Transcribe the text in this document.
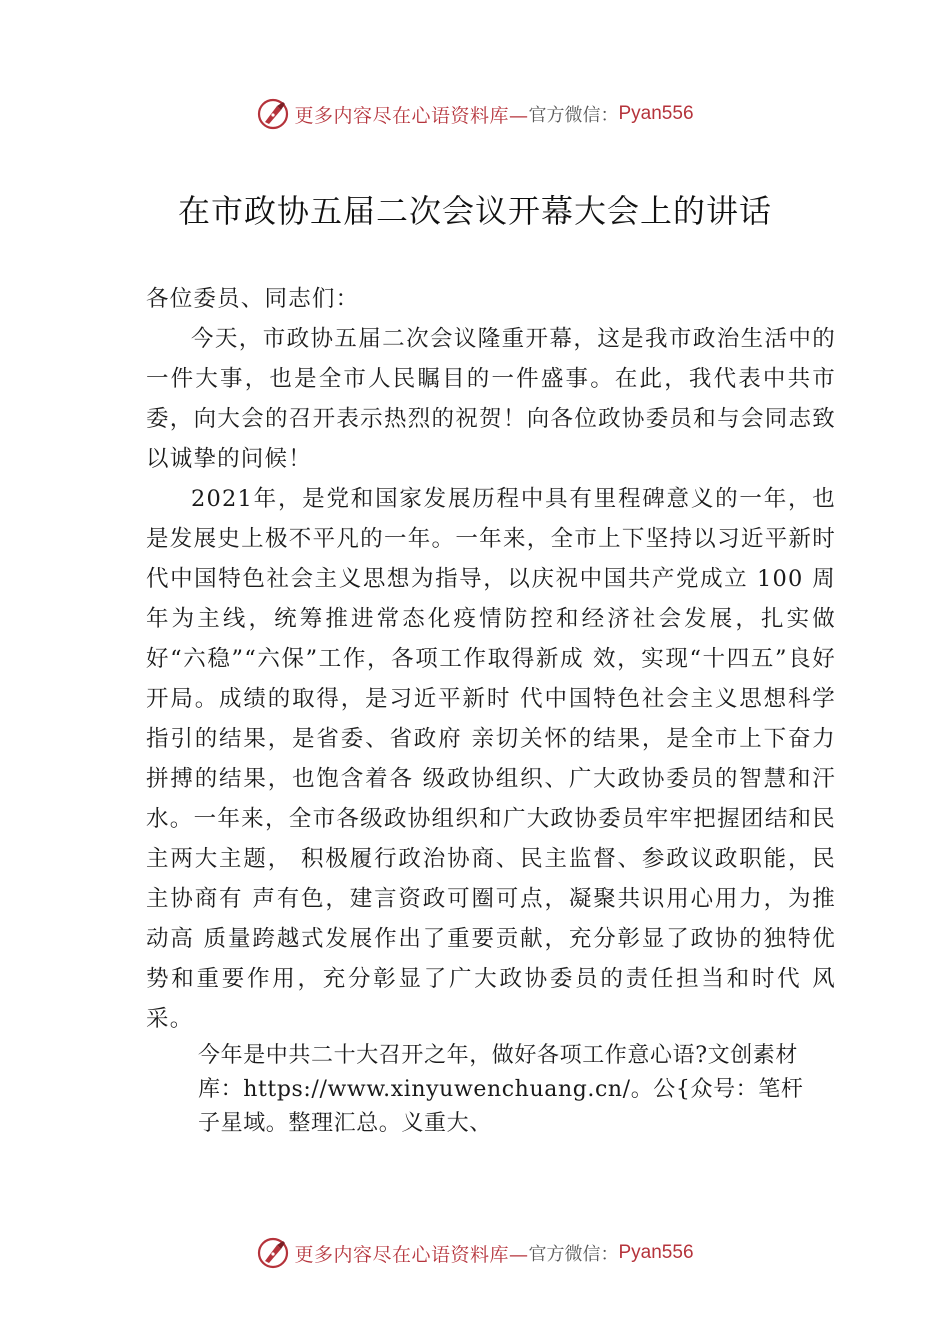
更多内容尽在心语资料库— 官方微信： Pyan556
在市政协五届二次会议开幕大会上的讲话

各位委员、同志们：

今天，市政协五届二次会议隆重开幕，这是我市政治生活中的一件大事，也是全市人民瞩目的一件盛事。在此，我代表中共市委，向大会的召开表示热烈的祝贺！向各位政协委员和与会同志致以诚挚的问候！

2021年，是党和国家发展历程中具有里程碑意义的一年，也是发展史上极不平凡的一年。一年来，全市上下坚持以习近平新时代中国特色社会主义思想为指导，以庆祝中国共产党成立 100 周年为主线，统筹推进常态化疫情防控和经济社会发展，扎实做好“六稳”“六保”工作，各项工作取得新成 效，实现“十四五”良好开局。成绩的取得，是习近平新时 代中国特色社会主义思想科学指引的结果，是省委、省政府 亲切关怀的结果，是全市上下奋力拼搏的结果，也饱含着各 级政协组织、广大政协委员的智慧和汗水。一年来，全市各级政协组织和广大政协委员牢牢把握团结和民主两大主题， 积极履行政治协商、民主监督、参政议政职能，民主协商有 声有色，建言资政可圈可点，凝聚共识用心用力，为推动高 质量跨越式发展作出了重要贡献，充分彰显了政协的独特优 势和重要作用，充分彰显了广大政协委员的责任担当和时代 风采。

今年是中共二十大召开之年，做好各项工作意心语?文创素材库：https://www.xinyuwenchuang.cn/。公{众号：笔杆子星域。整理汇总。义重大、

更多内容尽在心语资料库— 官方微信： Pyan556
